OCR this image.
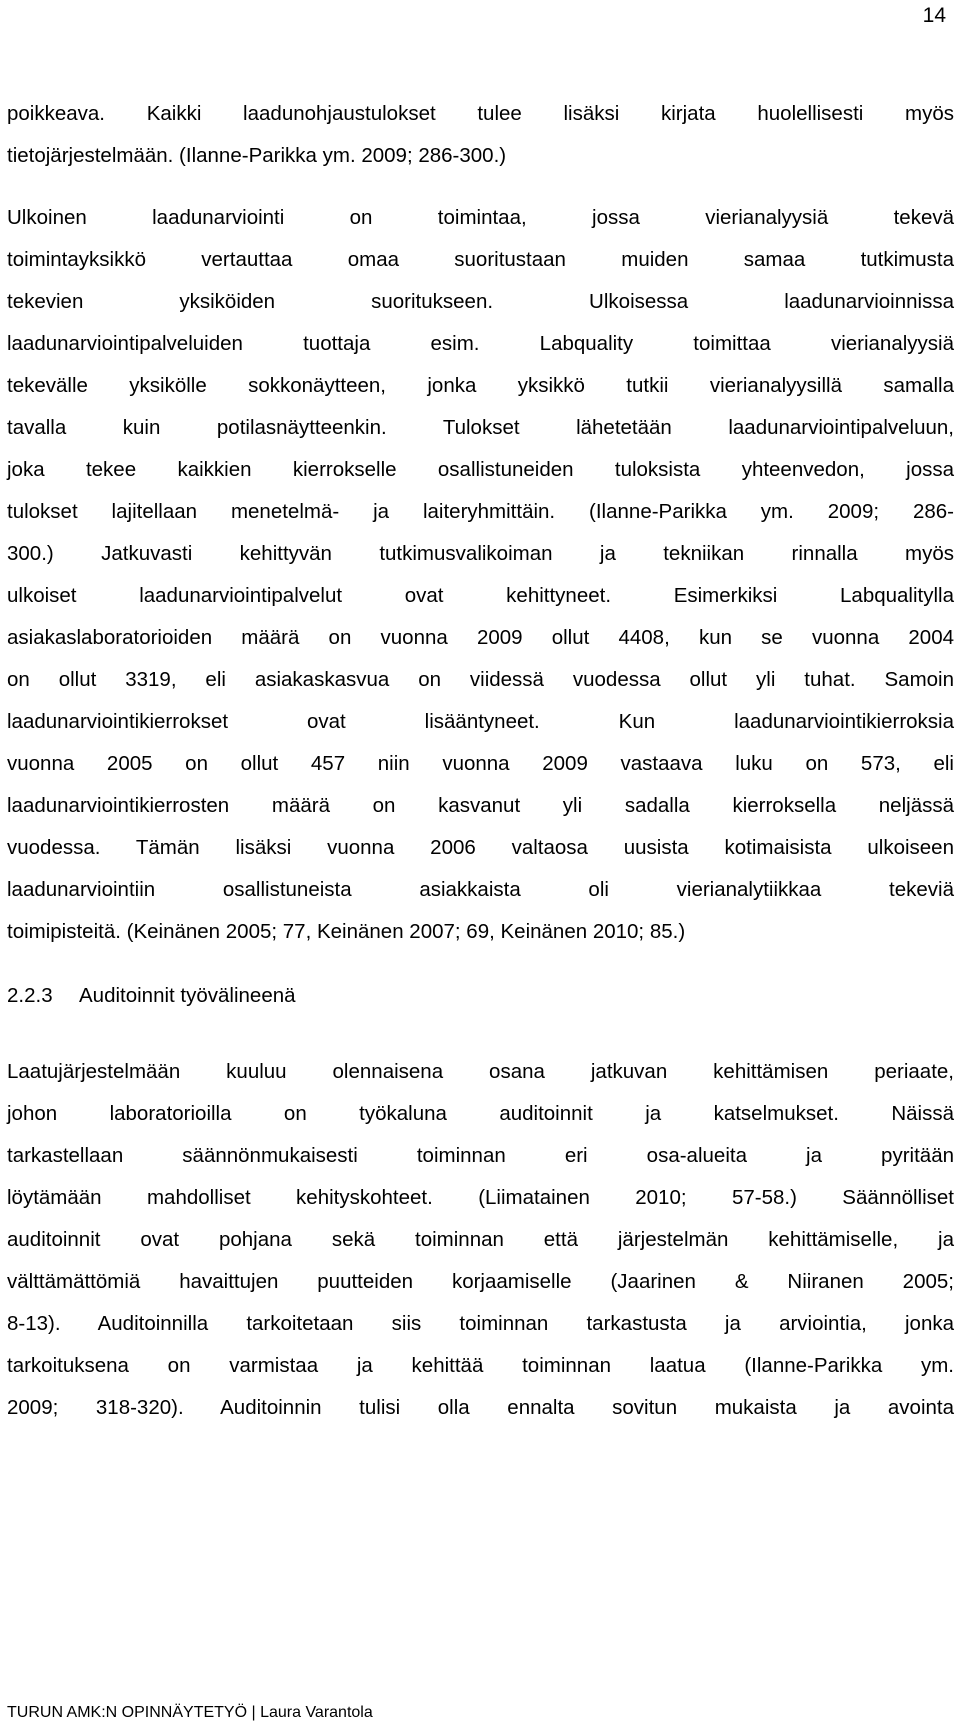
14
poikkeava. Kaikki laadunohjaustulokset tulee lisäksi kirjata huolellisesti myös
tietojärjestelmään. (Ilanne-Parikka ym. 2009; 286-300.)
Ulkoinen laadunarviointi on toimintaa, jossa vierianalyysiä tekevä
toimintayksikkö vertauttaa omaa suoritustaan muiden samaa tutkimusta
tekevien yksiköiden suoritukseen. Ulkoisessa laadunarvioinnissa
laadunarviointipalveluiden tuottaja esim. Labquality toimittaa vierianalyysiä
tekevälle yksikölle sokkonäytteen, jonka yksikkö tutkii vierianalyysillä samalla
tavalla kuin potilasnäytteenkin. Tulokset lähetetään laadunarviointipalveluun,
joka tekee kaikkien kierrokselle osallistuneiden tuloksista yhteenvedon, jossa
tulokset lajitellaan menetelmä- ja laiteryhmittäin. (Ilanne-Parikka ym. 2009; 286-
300.) Jatkuvasti kehittyvän tutkimusvalikoiman ja tekniikan rinnalla myös
ulkoiset laadunarviointipalvelut ovat kehittyneet. Esimerkiksi Labqualitylla
asiakaslaboratorioiden määrä on vuonna 2009 ollut 4408, kun se vuonna 2004
on ollut 3319, eli asiakaskasvua on viidessä vuodessa ollut yli tuhat. Samoin
laadunarviointikierrokset ovat lisääntyneet. Kun laadunarviointikierroksia
vuonna 2005 on ollut 457 niin vuonna 2009 vastaava luku on 573, eli
laadunarviointikierrosten määrä on kasvanut yli sadalla kierroksella neljässä
vuodessa. Tämän lisäksi vuonna 2006 valtaosa uusista kotimaisista ulkoiseen
laadunarviointiin osallistuneista asiakkaista oli vierianalytiikkaa tekeviä
toimipisteitä. (Keinänen 2005; 77, Keinänen 2007; 69, Keinänen 2010; 85.)
2.2.3 Auditoinnit työvälineenä
Laatujärjestelmään kuuluu olennaisena osana jatkuvan kehittämisen periaate,
johon laboratorioilla on työkaluna auditoinnit ja katselmukset. Näissä
tarkastellaan säännönmukaisesti toiminnan eri osa-alueita ja pyritään
löytämään mahdolliset kehityskohteet. (Liimatainen 2010; 57-58.) Säännölliset
auditoinnit ovat pohjana sekä toiminnan että järjestelmän kehittämiselle, ja
välttämättömiä havaittujen puutteiden korjaamiselle (Jaarinen & Niiranen 2005;
8-13). Auditoinnilla tarkoitetaan siis toiminnan tarkastusta ja arviointia, jonka
tarkoituksena on varmistaa ja kehittää toiminnan laatua (Ilanne-Parikka ym.
2009; 318-320). Auditoinnin tulisi olla ennalta sovitun mukaista ja avointa
TURUN AMK:N OPINNÄYTETYÖ | Laura Varantola
